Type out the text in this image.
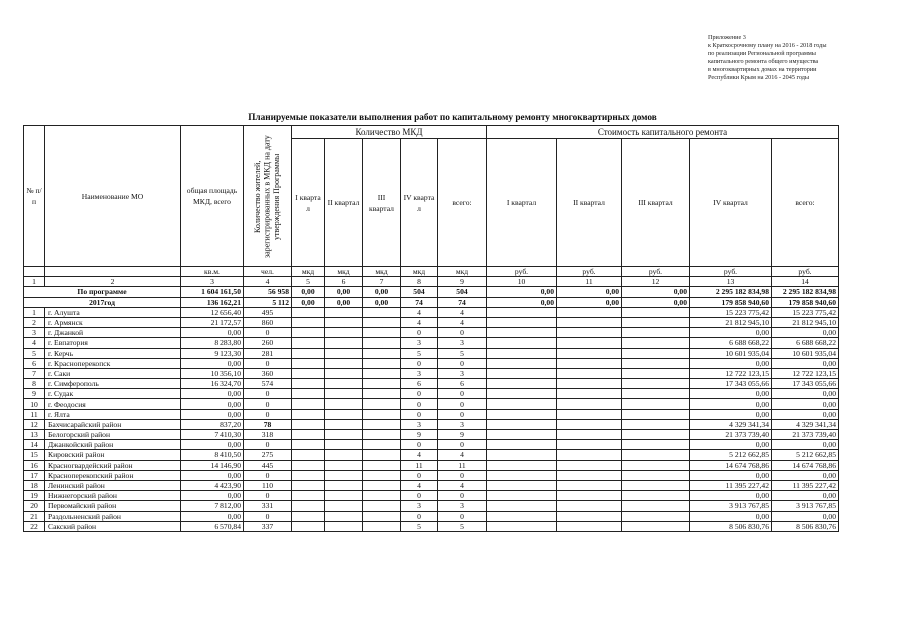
Приложение 3
к Краткосрочному плану на 2016 - 2018 годы
по реализации Региональной программы
капитального ремонта общего имущества
в многоквартирных домах на территории
Республики Крым на 2016 - 2045 годы
Планируемые показатели выполнения работ по капитальному ремонту многоквартирных домов
№ п/п	Наименование МО	общая площадь МКД, всего	Количество жителей, зарегистрированных в МКД на дату утверждения Программы	Количество МКД					Стоимость капитального ремонта				
				I кварта л	II квартал	III квартал	IV кварта л	всего:	I квартал	II квартал	III квартал	IV квартал	всего:
		кв.м.	чел.	мкд	мкд	мкд	мкд	мкд	руб.	руб.	руб.	руб.	руб.
1	2	3	4	5	6	7	8	9	10	11	12	13	14
По программе		1 604 161,50	56 958	0,00	0,00	0,00	504	504	0,00	0,00	0,00	2 295 182 834,98	2 295 182 834,98
2017год		136 162,21	5 112	0,00	0,00	0,00	74	74	0,00	0,00	0,00	179 858 940,60	179 858 940,60
1	г. Алушта	12 656,40	495				4	4				15 223 775,42	15 223 775,42
2	г. Армянск	21 172,57	860				4	4				21 812 945,10	21 812 945,10
3	г. Джанкой	0,00	0				0	0				0,00	0,00
4	г. Евпатория	8 283,80	260				3	3				6 688 668,22	6 688 668,22
5	г. Керчь	9 123,30	281				5	5				10 601 935,04	10 601 935,04
6	г. Красноперекопск	0,00	0				0	0				0,00	0,00
7	г. Саки	10 356,10	360				3	3				12 722 123,15	12 722 123,15
8	г. Симферополь	16 324,70	574				6	6				17 343 055,66	17 343 055,66
9	г. Судак	0,00	0				0	0				0,00	0,00
10	г. Феодосия	0,00	0				0	0				0,00	0,00
11	г. Ялта	0,00	0				0	0				0,00	0,00
12	Бахчисарайский район	837,20	78				3	3				4 329 341,34	4 329 341,34
13	Белогорский район	7 410,30	318				9	9				21 373 739,40	21 373 739,40
14	Джанкойский район	0,00	0				0	0				0,00	0,00
15	Кировский район	8 410,50	275				4	4				5 212 662,85	5 212 662,85
16	Красногвардейский район	14 146,90	445				11	11				14 674 768,86	14 674 768,86
17	Красноперекопский район	0,00	0				0	0				0,00	0,00
18	Ленинский район	4 423,90	110				4	4				11 395 227,42	11 395 227,42
19	Нижнегорский район	0,00	0				0	0				0,00	0,00
20	Первомайский район	7 812,00	331				3	3				3 913 767,85	3 913 767,85
21	Раздольненский район	0,00	0				0	0				0,00	0,00
22	Сакский район	6 570,84	337				5	5				8 506 830,76	8 506 830,76
